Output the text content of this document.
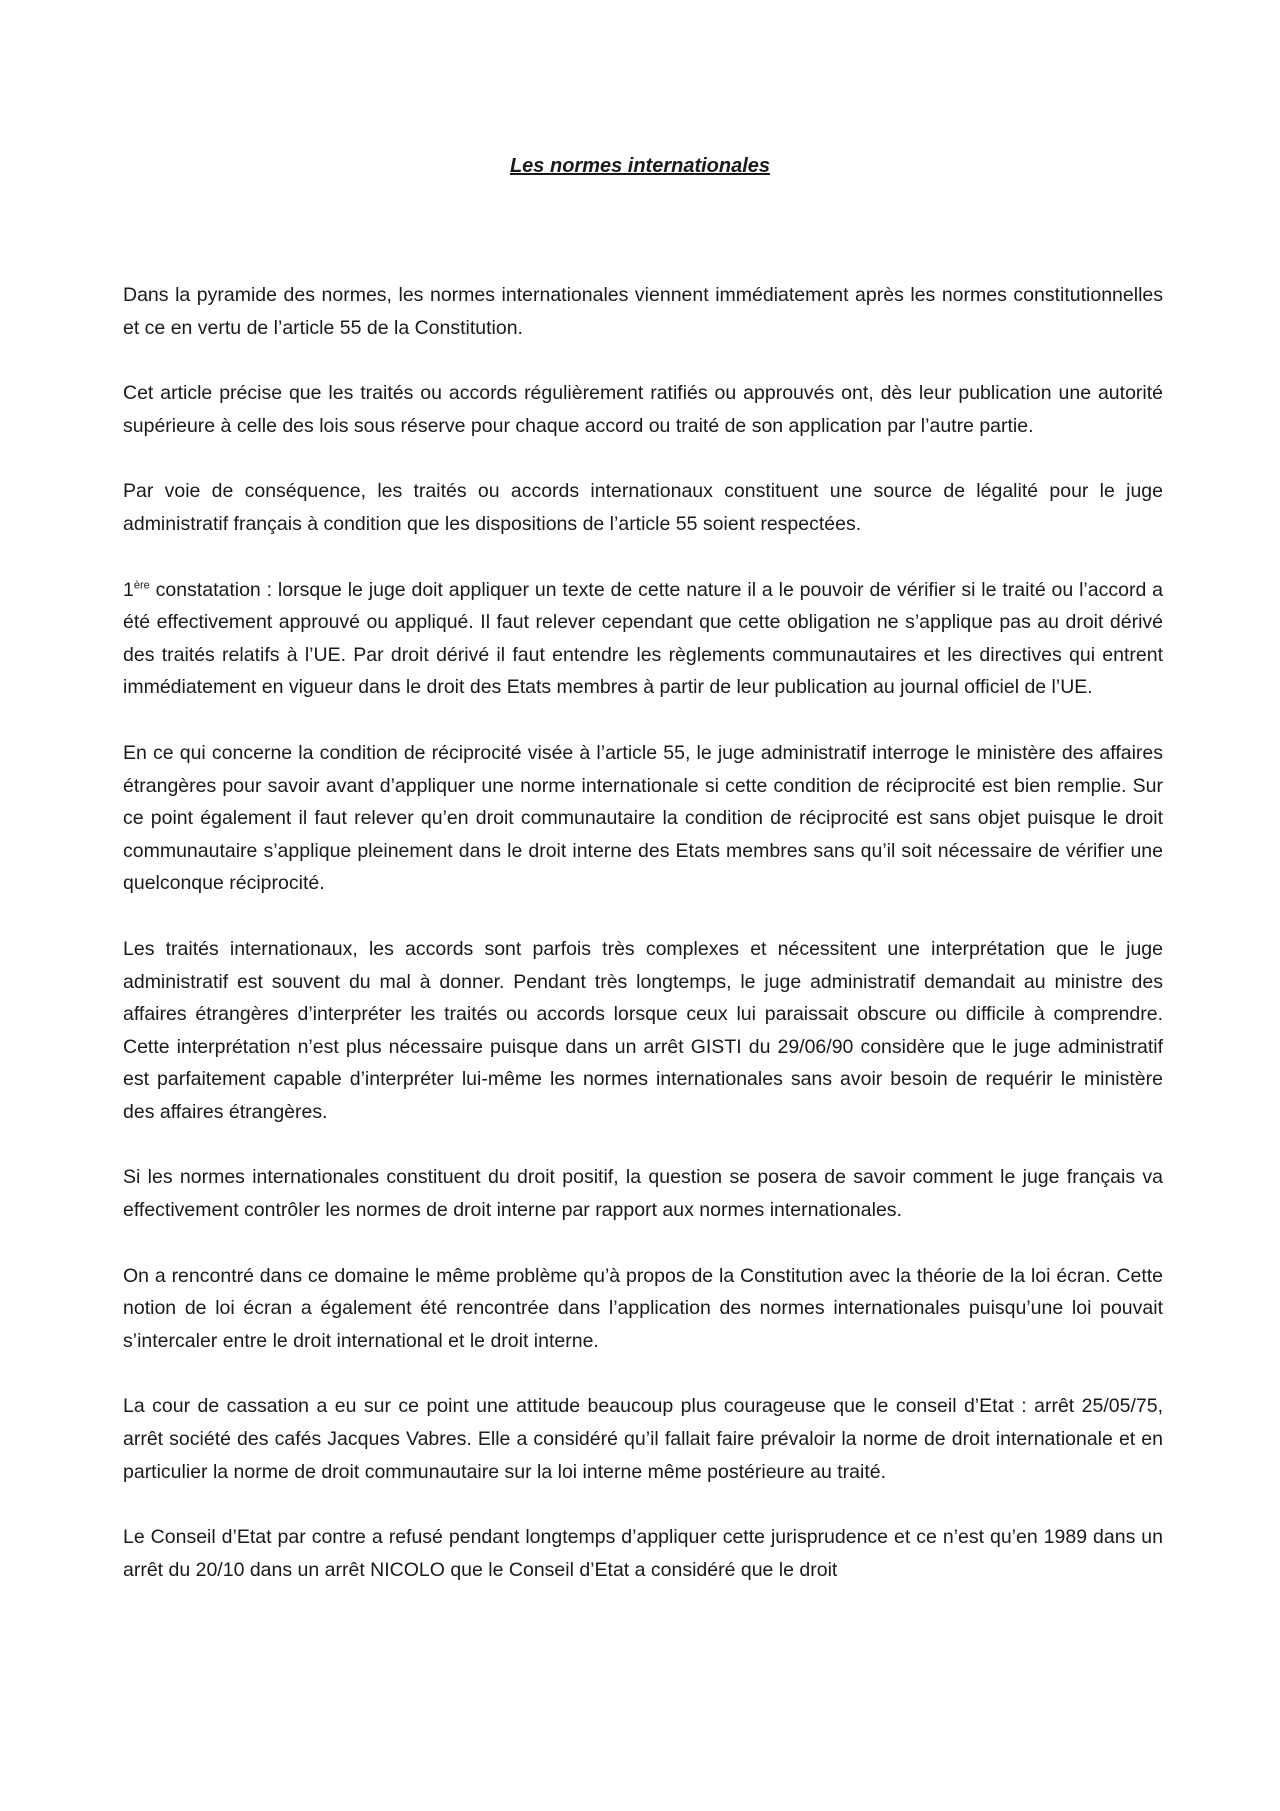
Les normes internationales

Dans la pyramide des normes, les normes internationales viennent immédiatement après les normes constitutionnelles et ce en vertu de l’article 55 de la Constitution.

Cet article précise que les traités ou accords régulièrement ratifiés ou approuvés ont, dès leur publication une autorité supérieure à celle des lois sous réserve pour chaque accord ou traité de son application par l’autre partie.

Par voie de conséquence, les traités ou accords internationaux constituent une source de légalité pour le juge administratif français à condition que les dispositions de l’article 55 soient respectées.

1ère constatation : lorsque le juge doit appliquer un texte de cette nature il a le pouvoir de vérifier si le traité ou l’accord a été effectivement approuvé ou appliqué. Il faut relever cependant que cette obligation ne s’applique pas au droit dérivé des traités relatifs à l’UE. Par droit dérivé il faut entendre les règlements communautaires et les directives qui entrent immédiatement en vigueur dans le droit des Etats membres à partir de leur publication au journal officiel de l’UE.

En ce qui concerne la condition de réciprocité visée à l’article 55, le juge administratif interroge le ministère des affaires étrangères pour savoir avant d’appliquer une norme internationale si cette condition de réciprocité est bien remplie. Sur ce point également il faut relever qu’en droit communautaire la condition de réciprocité est sans objet puisque le droit communautaire s’applique pleinement dans le droit interne des Etats membres sans qu’il soit nécessaire de vérifier une quelconque réciprocité.

Les traités internationaux, les accords sont parfois très complexes et nécessitent une interprétation que le juge administratif est souvent du mal à donner. Pendant très longtemps, le juge administratif demandait au ministre des affaires étrangères d’interpréter les traités ou accords lorsque ceux lui paraissait obscure ou difficile à comprendre. Cette interprétation n’est plus nécessaire puisque dans un arrêt GISTI du 29/06/90 considère que le juge administratif est parfaitement capable d’interpréter lui-même les normes internationales sans avoir besoin de requérir le ministère des affaires étrangères.

Si les normes internationales constituent du droit positif, la question se posera de savoir comment le juge français va effectivement contrôler les normes de droit interne par rapport aux normes internationales.

On a rencontré dans ce domaine le même problème qu’à propos de la Constitution avec la théorie de la loi écran. Cette notion de loi écran a également été rencontrée dans l’application des normes internationales puisqu’une loi pouvait s’intercaler entre le droit international et le droit interne.

La cour de cassation a eu sur ce point une attitude beaucoup plus courageuse que le conseil d’Etat : arrêt 25/05/75, arrêt société des cafés Jacques Vabres. Elle a considéré qu’il fallait faire prévaloir la norme de droit internationale et en particulier la norme de droit communautaire sur la loi interne même postérieure au traité.

Le Conseil d’Etat par contre a refusé pendant longtemps d’appliquer cette jurisprudence et ce n’est qu’en 1989 dans un arrêt du 20/10 dans un arrêt NICOLO que le Conseil d’Etat a considéré que le droit
